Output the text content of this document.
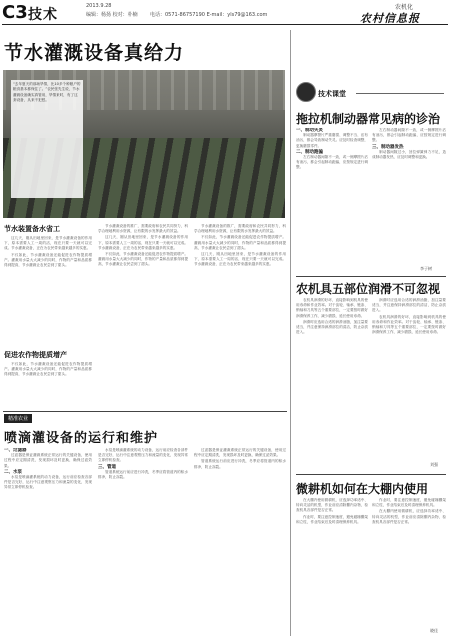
C3 技术
2013.9.28
编辑：杨扬 校对：朴楠 电话：0571-86757190 E-mail：yls79@163.com
农机化
农村信息报
节水灌溉设备真给力
“去年夏天的那场旱情，比10多个种粮户的粮食基本都保住了。”农民张先生说，节水灌溉设备确实真管用，旱情来时，有了这套设备，从来不犯愁。
节水装置备水省工

这几天，刚从田地里回来，是节水灌溉设备的作用下，原本需要人工一周的活，现在只要一天就可以完成。节水灌溉设备，正在为农民带来越来越多的实惠。

不仅如此，节水灌溉设备还能促进农作物提质增产。灌溉用水量大大减少的同时，作物的产量和品质都得到提高，节水灌溉让农民尝到了甜头。

促进农作物提质增产

不仅如此，节水灌溉设备还能促进农作物提质增产。灌溉用水量大大减少的同时，作物的产量和品质都得到提高，节水灌溉让农民尝到了甜头。

节水灌溉设备的推广，需要政府和农民共同努力，科学合理地利用水资源，让有限的水发挥最大的效益。

这几天，刚从田地里回来，是节水灌溉设备的作用下，原本需要人工一周的活，现在只要一天就可以完成。节水灌溉设备，正在为农民带来越来越多的实惠。

不仅如此，节水灌溉设备还能促进农作物提质增产。灌溉用水量大大减少的同时，作物的产量和品质都得到提高，节水灌溉让农民尝到了甜头。

节水灌溉设备的推广，需要政府和农民共同努力，科学合理地利用水资源，让有限的水发挥最大的效益。

不仅如此，节水灌溉设备还能促进农作物提质增产。灌溉用水量大大减少的同时，作物的产量和品质都得到提高，节水灌溉让农民尝到了甜头。

这几天，刚从田地里回来，是节水灌溉设备的作用下，原本需要人工一周的活，现在只要一天就可以完成。节水灌溉设备，正在为农民带来越来越多的实惠。

精准农业
喷滴灌设备的运行和维护
一、过滤器

过滤器是保证灌溉系统正常运行的关键设备，使用过程中应定期清洗，发现损坏及时更换，确保过滤效果。

二、水泵

水泵是喷滴灌系统的动力设备，运行前应检查各部件是否完好，运行中注意观察压力和流量的变化，发现异常立即停机检查。

水泵是喷滴灌系统的动力设备，运行前应检查各部件是否完好，运行中注意观察压力和流量的变化，发现异常立即停机检查。

三、管道

管道系统运行前应进行冲洗，冬季应将管道内的积水排净，防止冻裂。

过滤器是保证灌溉系统正常运行的关键设备，使用过程中应定期清洗，发现损坏及时更换，确保过滤效果。

管道系统运行前应进行冲洗，冬季应将管道内的积水排净，防止冻裂。

技术课堂
拖拉机制动器常见病的诊治
一、制动失灵

制动器摩擦片严重磨损、调整不当、沾有油污，都会导致制动失灵。应及时检查调整，更换磨损零件。

二、制动跑偏

左右制动器间隙不一致，或一侧摩擦片沾有油污，都会引起制动跑偏，应按规定进行调整。

左右制动器间隙不一致，或一侧摩擦片沾有油污，都会引起制动跑偏，应按规定进行调整。

三、制动器发热

制动器间隙过小，回位弹簧弹力不足，造成制动器发热，应及时调整和更换。

李子树
农机具五部位润滑不可忽视

农机具润滑的好坏，直接影响到机具的使用寿命和作业效率。对于齿轮、轴承、链条、销轴和刀具等五个重要部位，一定要按时做好润滑保养工作，减少磨损，延长使用寿命。

润滑时应选用合适的润滑油脂，加注量要适当，并注意保持润滑部位的清洁，防止杂质进入。

润滑时应选用合适的润滑油脂，加注量要适当，并注意保持润滑部位的清洁，防止杂质进入。

农机具润滑的好坏，直接影响到机具的使用寿命和作业效率。对于齿轮、轴承、链条、销轴和刀具等五个重要部位，一定要按时做好润滑保养工作，减少磨损，延长使用寿命。

刘强
微耕机如何在大棚内使用

在大棚内使用微耕机，应选择功率适中、转向灵活的机型，作业前应清除棚内杂物，检查机具各部件是否正常。

作业时，要注意控制速度，避免碰撞棚架和立柱，作业结束后及时清理保养机具。

作业时，要注意控制速度，避免碰撞棚架和立柱，作业结束后及时清理保养机具。

在大棚内使用微耕机，应选择功率适中、转向灵活的机型，作业前应清除棚内杂物，检查机具各部件是否正常。

晓佳
